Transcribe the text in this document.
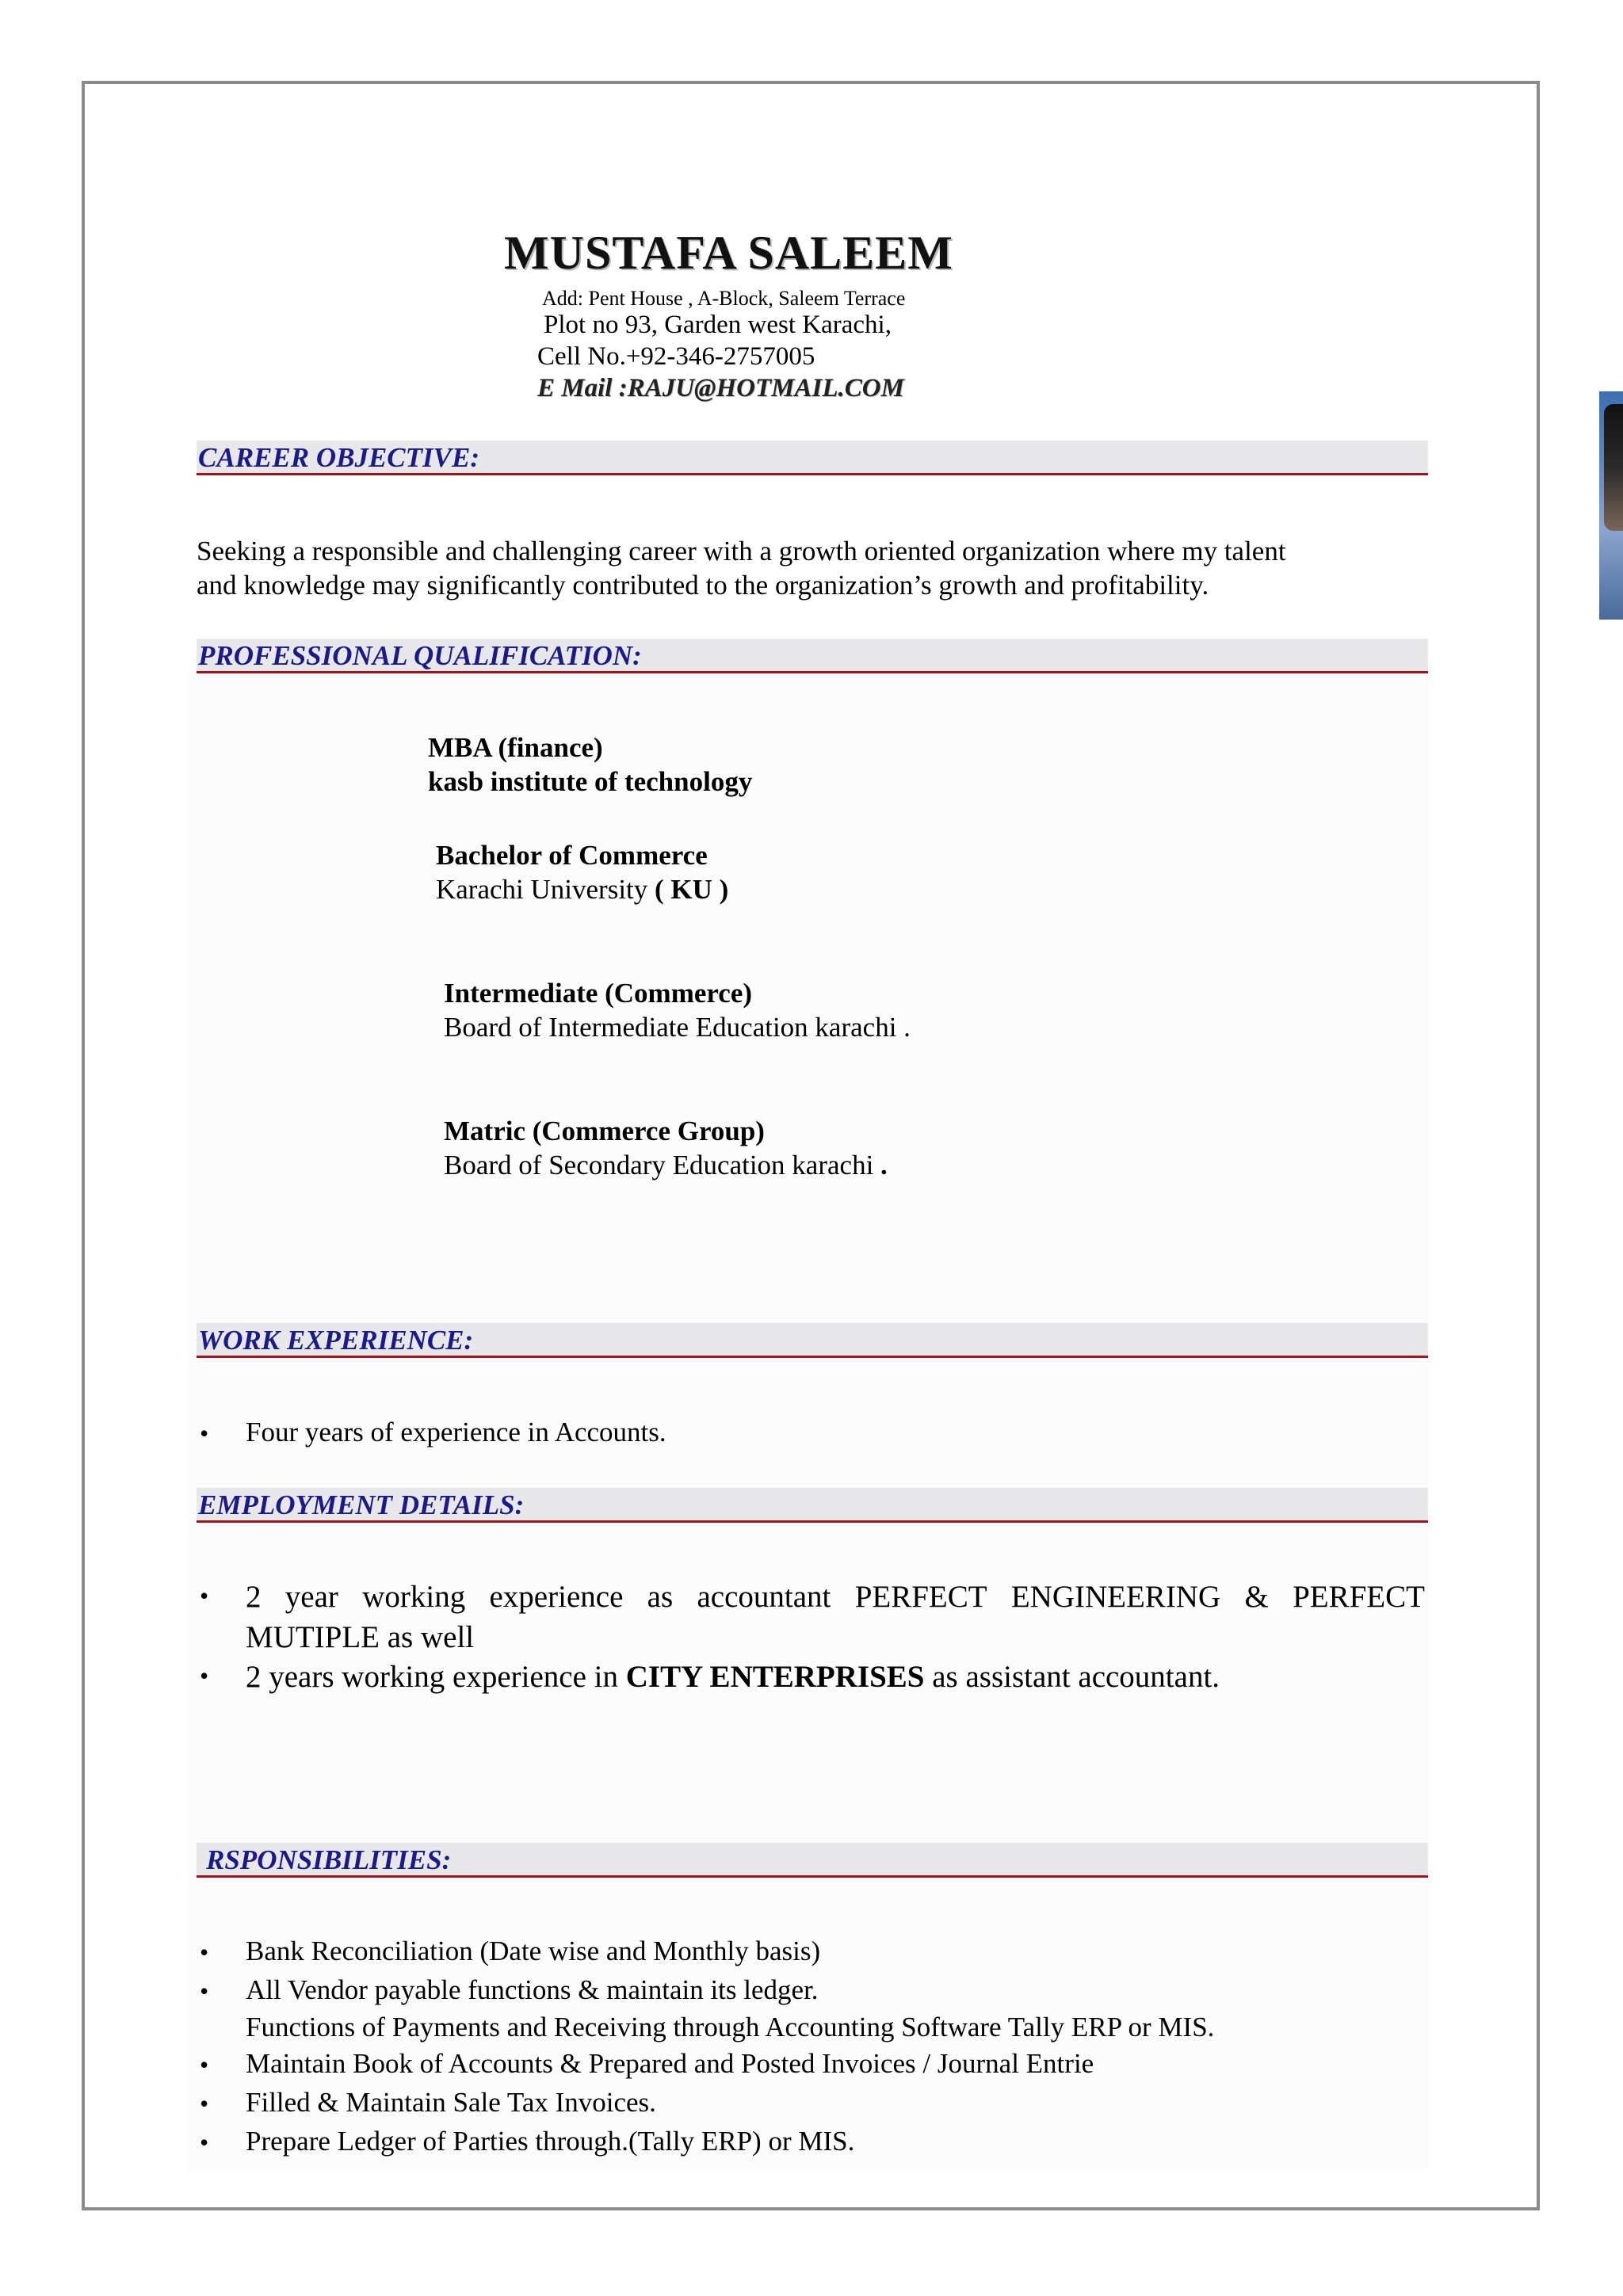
MUSTAFA SALEEM
Add: Pent House , A-Block, Saleem Terrace
Plot no 93, Garden west Karachi,
Cell No.+92-346-2757005
E Mail :RAJU@HOTMAIL.COM
CAREER OBJECTIVE:
Seeking a responsible and challenging career with a growth oriented organization where my talent
and knowledge may significantly contributed to the organization’s growth and profitability.
PROFESSIONAL QUALIFICATION:
MBA (finance)
kasb institute of technology
Bachelor of Commerce
Karachi University ( KU )
Intermediate (Commerce)
Board of Intermediate Education karachi .
Matric (Commerce Group)
Board of Secondary Education karachi .
WORK EXPERIENCE:
• Four years of experience in Accounts.
EMPLOYMENT DETAILS:
• 2 year working experience as accountant PERFECT ENGINEERING & PERFECT
MUTIPLE as well
• 2 years working experience in CITY ENTERPRISES as assistant accountant.
RSPONSIBILITIES:
• Bank Reconciliation (Date wise and Monthly basis)
• All Vendor payable functions & maintain its ledger.
Functions of Payments and Receiving through Accounting Software Tally ERP or MIS.
• Maintain Book of Accounts & Prepared and Posted Invoices / Journal Entrie
• Filled & Maintain Sale Tax Invoices.
• Prepare Ledger of Parties through.(Tally ERP) or MIS.
